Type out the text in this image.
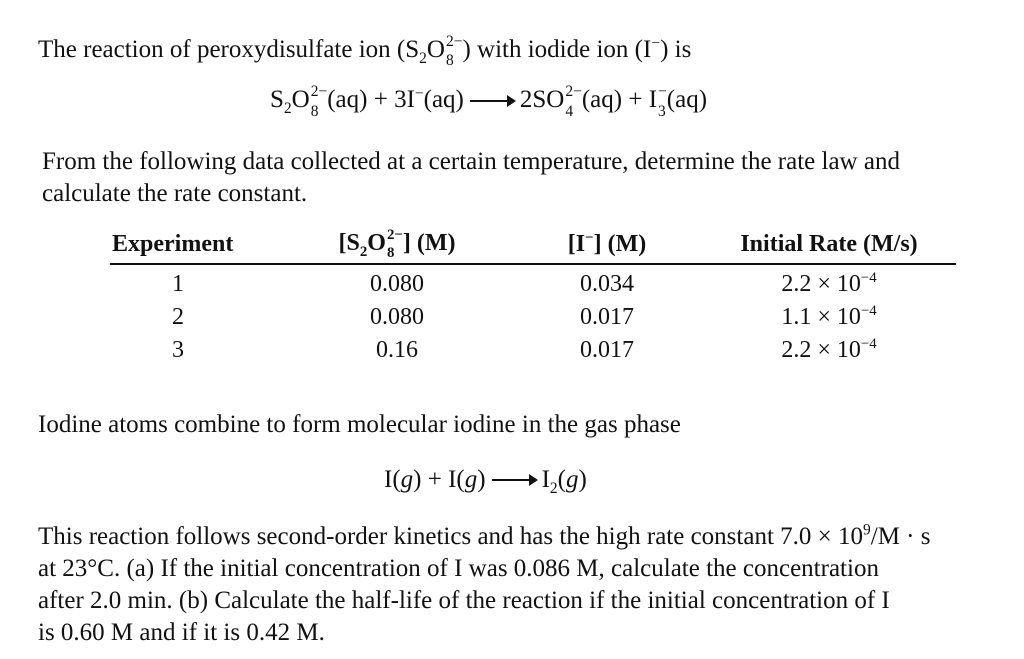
The reaction of peroxydisulfate ion ($S_2O$ 2−
8 ) with iodide ion (I−) is
$S_2O$ 2−
8 (aq) + 3I−(aq) → 2SO 2−
4 (aq) + I −
3 (aq)
From the following data collected at a certain temperature, determine the rate law and
calculate the rate constant.
Experiment	[$S_2O$ 2−
8 ] (M)	[I−] (M)	Initial Rate (M/s)
1	0.080	0.034	$2.2 \times 10^{-4}$
2	0.080	0.017	$1.1 \times 10^{-4}$
3	0.16	0.017	$2.2 \times 10^{-4}$
Iodine atoms combine to form molecular iodine in the gas phase
$I(g) + I(g) \to I_2(g)$
This reaction follows second-order kinetics and has the high rate constant $7.0 \times 10^9/M \cdot s$
at 23°C. (a) If the initial concentration of I was 0.086 M, calculate the concentration
after 2.0 min. (b) Calculate the half-life of the reaction if the initial concentration of I
is 0.60 M and if it is 0.42 M.
